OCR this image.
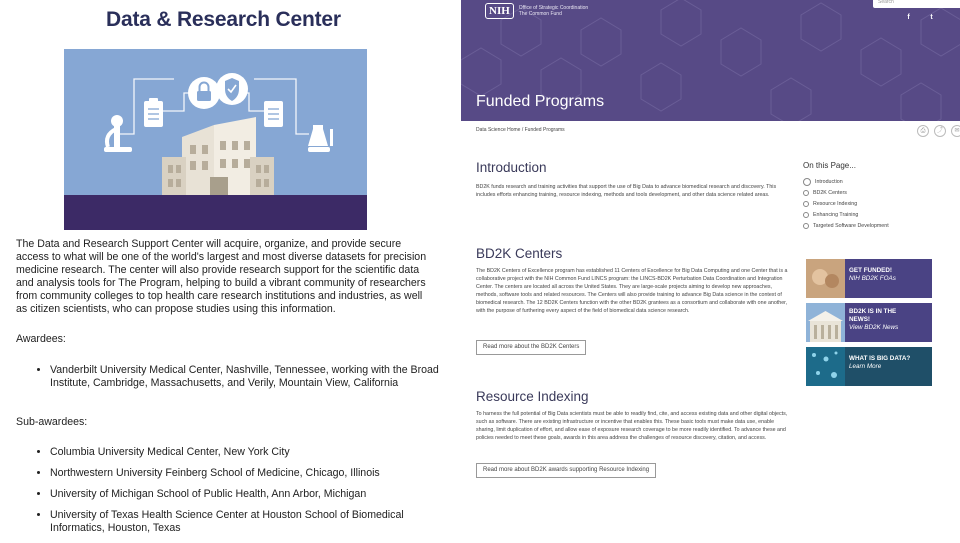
Data & Research Center
The Data and Research Support Center will acquire, organize, and provide secure access to what will be one of the world's largest and most diverse datasets for precision medicine research. The center will also provide research support for the scientific data and analysis tools for The Program, helping to build a vibrant community of researchers from community colleges to top health care research institutions and industries, as well as citizen scientists, who can propose studies using this information.
Awardees:
• Vanderbilt University Medical Center, Nashville, Tennessee, working with the Broad Institute, Cambridge, Massachusetts, and Verily, Mountain View, California
Sub-awardees:
• Columbia University Medical Center, New York City
• Northwestern University Feinberg School of Medicine, Chicago, Illinois
• University of Michigan School of Public Health, Ann Arbor, Michigan
• University of Texas Health Science Center at Houston School of Biomedical Informatics, Houston, Texas
NIH	Office of Strategic Coordination
The Common Fund
Search
f	t
Funded Programs
Data Science Home / Funded Programs	⎙	⤴	✉
Introduction
BD2K funds research and training activities that support the use of Big Data to advance biomedical research and discovery. This includes efforts enhancing training, resource indexing, methods and tools development, and other data science related areas.
BD2K Centers
The BD2K Centers of Excellence program has established 11 Centers of Excellence for Big Data Computing and one Center that is a collaborative project with the NIH Common Fund LINCS program: the LINCS-BD2K Perturbation Data Coordination and Integration Center. The centers are located all across the United States. They are large-scale projects aiming to develop new approaches, methods, software tools and related resources. The Centers will also provide training to advance Big Data science in the context of biomedical research. The 12 BD2K Centers function with the other BD2K grantees as a consortium and collaborate with one another, with the purpose of furthering every aspect of the field of biomedical data science research.
Read more about the BD2K Centers
Resource Indexing
To harness the full potential of Big Data scientists must be able to readily find, cite, and access existing data and other digital objects, such as software. There are existing infrastructure or incentive that enables this. These basic tools must make data use, enable sharing, limit duplication of effort, and allow ease of exposure research coverage to be more readily identified. To advance these and policies needed to meet these goals, awards in this area address the challenges of resource discovery, citation, and access.
Read more about BD2K awards supporting Resource Indexing
On this Page...
Introduction
BD2K Centers
Resource Indexing
Enhancing Training
Targeted Software Development
GET FUNDED!
NIH BD2K FOAs
BD2K IS IN THE
NEWS!
View BD2K News
WHAT IS BIG DATA?
Learn More
